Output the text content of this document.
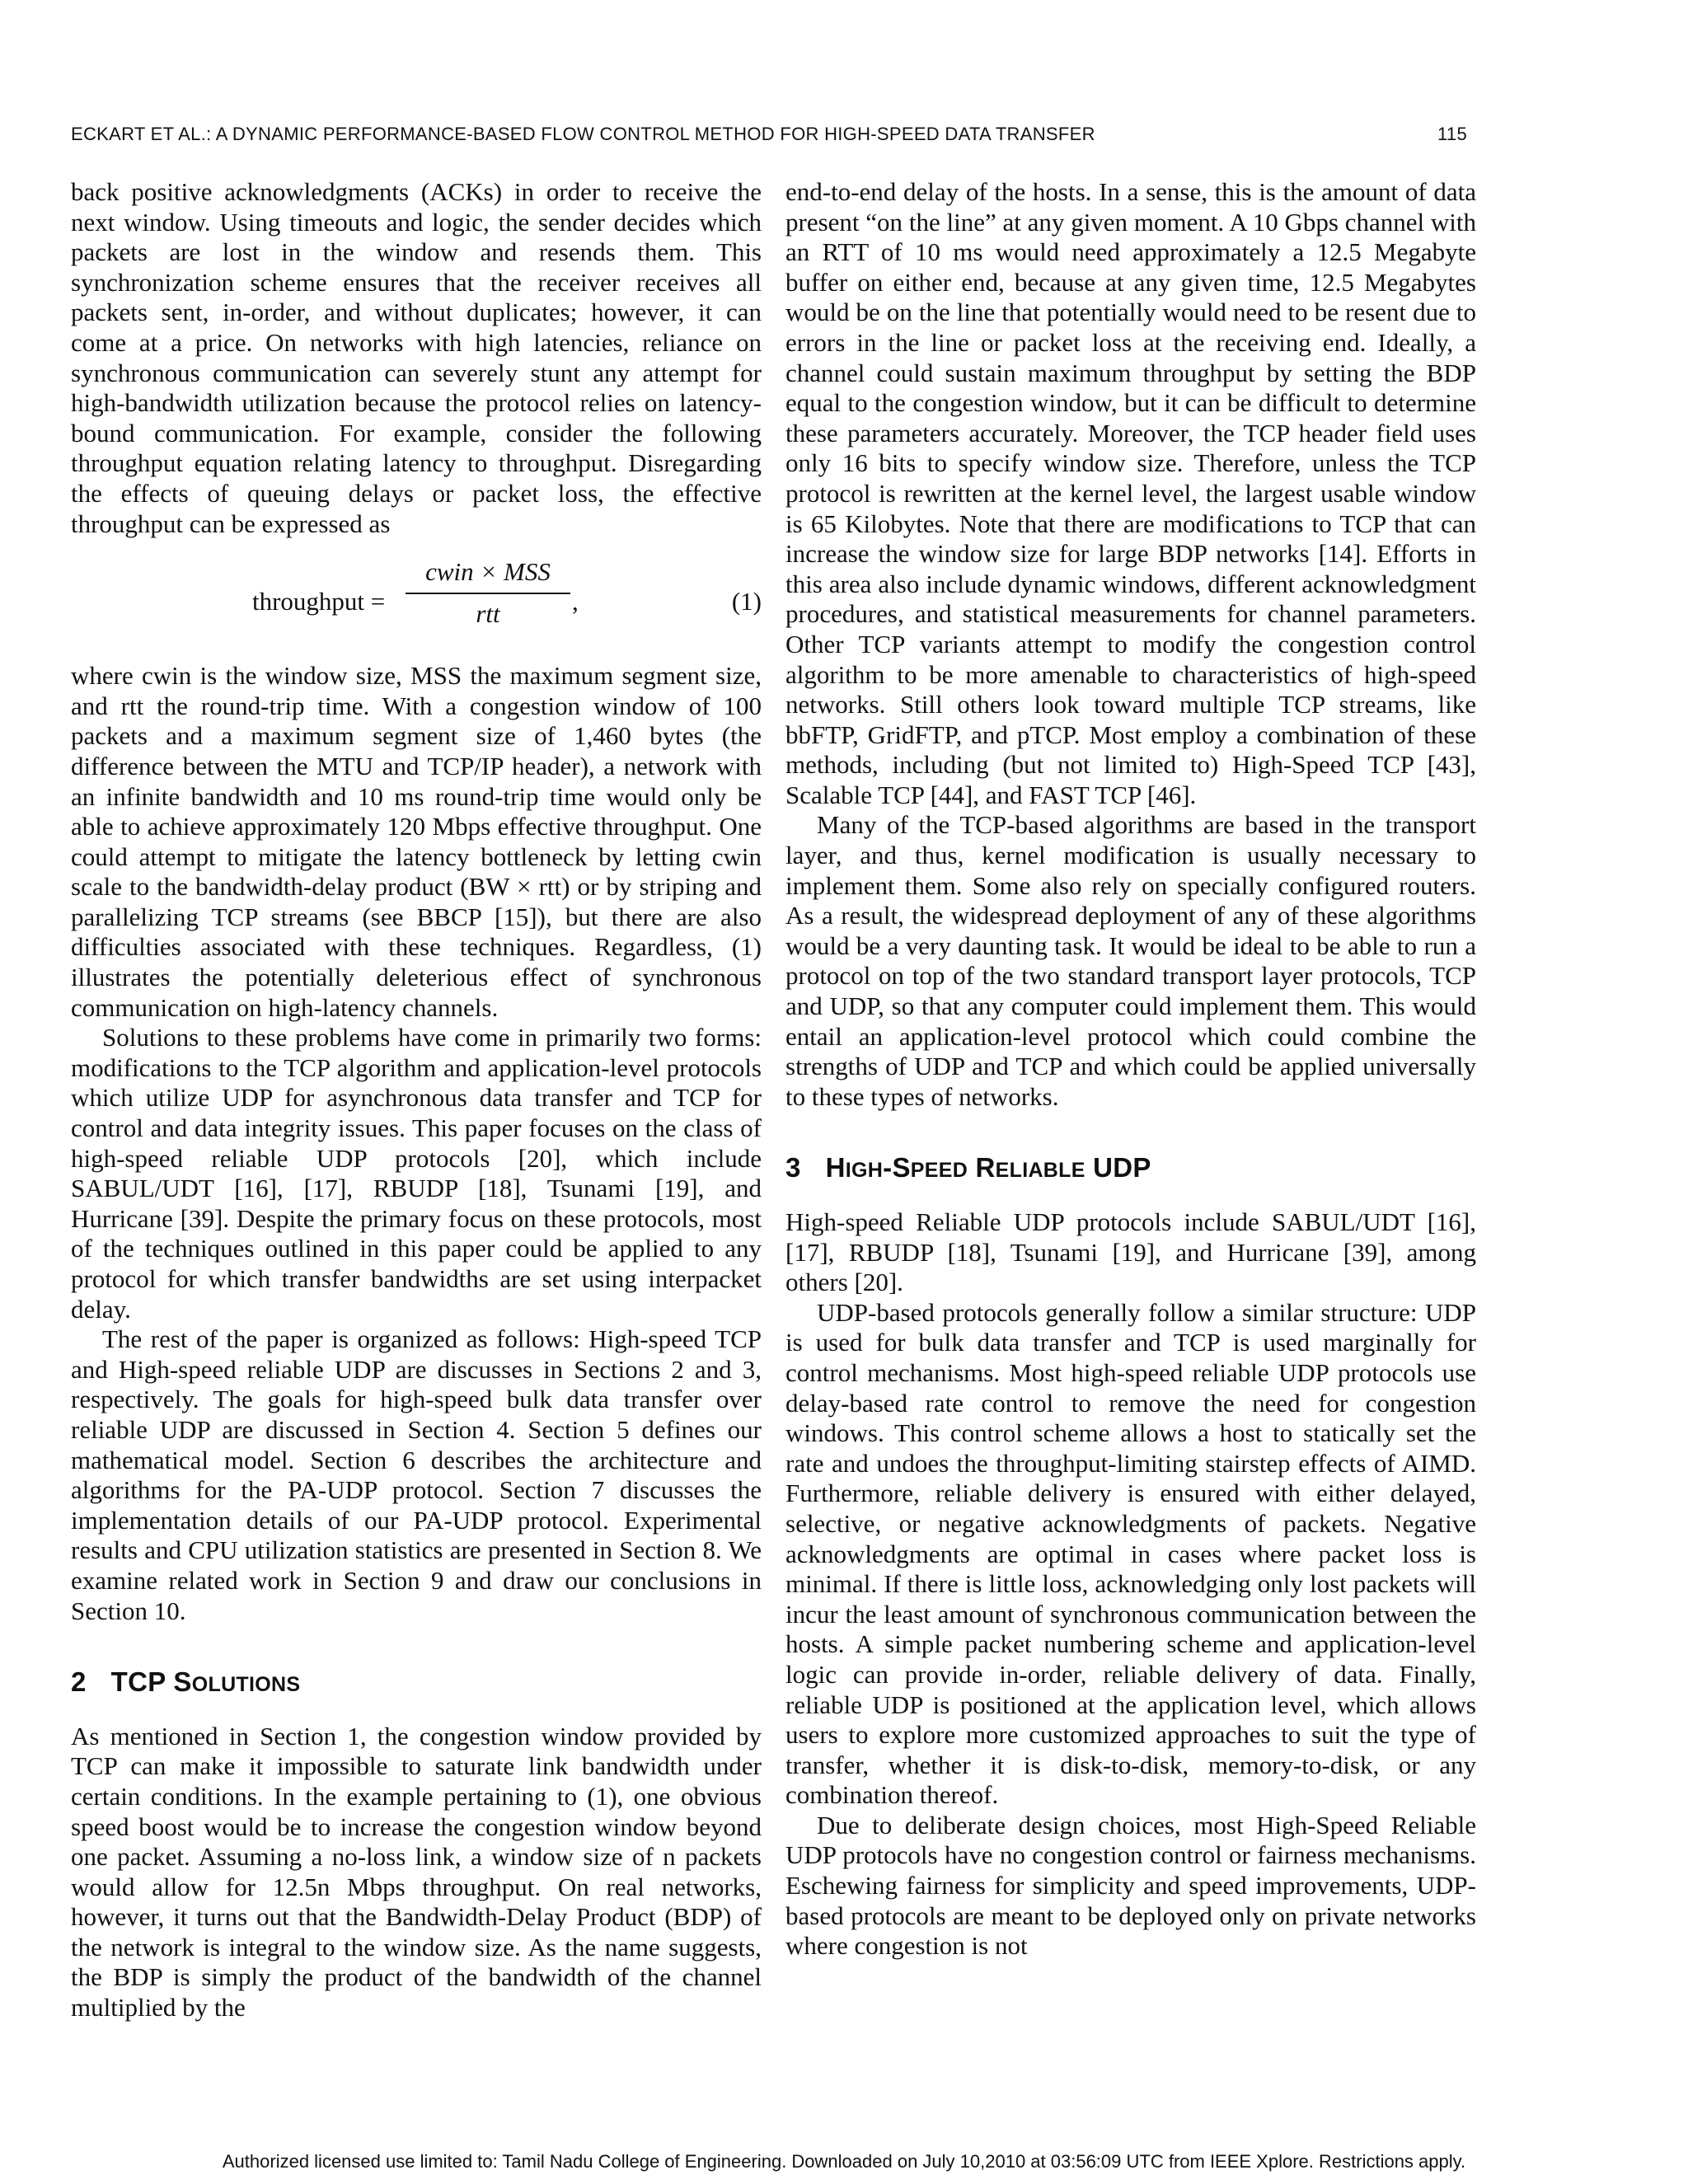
ECKART ET AL.: A DYNAMIC PERFORMANCE-BASED FLOW CONTROL METHOD FOR HIGH-SPEED DATA TRANSFER	115

back positive acknowledgments (ACKs) in order to receive the next window. Using timeouts and logic, the sender decides which packets are lost in the window and resends them. This synchronization scheme ensures that the receiver receives all packets sent, in-order, and without duplicates; however, it can come at a price. On networks with high latencies, reliance on synchronous communication can severely stunt any attempt for high-bandwidth utilization because the protocol relies on latency-bound communication. For example, consider the following throughput equation relating latency to throughput. Disregarding the effects of queuing delays or packet loss, the effective throughput can be expressed as

throughput =
cwin × MSS
rtt	,	(1)

where cwin is the window size, MSS the maximum segment size, and rtt the round-trip time. With a congestion window of 100 packets and a maximum segment size of 1,460 bytes (the difference between the MTU and TCP/IP header), a network with an infinite bandwidth and 10 ms round-trip time would only be able to achieve approximately 120 Mbps effective throughput. One could attempt to mitigate the latency bottleneck by letting cwin scale to the bandwidth-delay product (BW × rtt) or by striping and parallelizing TCP streams (see BBCP [15]), but there are also difficulties associated with these techniques. Regardless, (1) illustrates the potentially deleterious effect of synchronous communication on high-latency channels.

Solutions to these problems have come in primarily two forms: modifications to the TCP algorithm and application-level protocols which utilize UDP for asynchronous data transfer and TCP for control and data integrity issues. This paper focuses on the class of high-speed reliable UDP protocols [20], which include SABUL/UDT [16], [17], RBUDP [18], Tsunami [19], and Hurricane [39]. Despite the primary focus on these protocols, most of the techniques outlined in this paper could be applied to any protocol for which transfer bandwidths are set using interpacket delay.

The rest of the paper is organized as follows: High-speed TCP and High-speed reliable UDP are discusses in Sections 2 and 3, respectively. The goals for high-speed bulk data transfer over reliable UDP are discussed in Section 4. Section 5 defines our mathematical model. Section 6 describes the architecture and algorithms for the PA-UDP protocol. Section 7 discusses the implementation details of our PA-UDP protocol. Experimental results and CPU utilization statistics are presented in Section 8. We examine related work in Section 9 and draw our conclusions in Section 10.

2 TCP SOLUTIONS

As mentioned in Section 1, the congestion window provided by TCP can make it impossible to saturate link bandwidth under certain conditions. In the example pertaining to (1), one obvious speed boost would be to increase the congestion window beyond one packet. Assuming a no-loss link, a window size of n packets would allow for 12.5n Mbps throughput. On real networks, however, it turns out that the Bandwidth-Delay Product (BDP) of the network is integral to the window size. As the name suggests, the BDP is simply the product of the bandwidth of the channel multiplied by the

end-to-end delay of the hosts. In a sense, this is the amount of data present “on the line” at any given moment. A 10 Gbps channel with an RTT of 10 ms would need approximately a 12.5 Megabyte buffer on either end, because at any given time, 12.5 Megabytes would be on the line that potentially would need to be resent due to errors in the line or packet loss at the receiving end. Ideally, a channel could sustain maximum throughput by setting the BDP equal to the congestion window, but it can be difficult to determine these parameters accurately. Moreover, the TCP header field uses only 16 bits to specify window size. Therefore, unless the TCP protocol is rewritten at the kernel level, the largest usable window is 65 Kilobytes. Note that there are modifications to TCP that can increase the window size for large BDP networks [14]. Efforts in this area also include dynamic windows, different acknowledgment procedures, and statistical measurements for channel parameters. Other TCP variants attempt to modify the congestion control algorithm to be more amenable to characteristics of high-speed networks. Still others look toward multiple TCP streams, like bbFTP, GridFTP, and pTCP. Most employ a combination of these methods, including (but not limited to) High-Speed TCP [43], Scalable TCP [44], and FAST TCP [46].

Many of the TCP-based algorithms are based in the transport layer, and thus, kernel modification is usually necessary to implement them. Some also rely on specially configured routers. As a result, the widespread deployment of any of these algorithms would be a very daunting task. It would be ideal to be able to run a protocol on top of the two standard transport layer protocols, TCP and UDP, so that any computer could implement them. This would entail an application-level protocol which could combine the strengths of UDP and TCP and which could be applied universally to these types of networks.

3 HIGH-SPEED RELIABLE UDP

High-speed Reliable UDP protocols include SABUL/UDT [16], [17], RBUDP [18], Tsunami [19], and Hurricane [39], among others [20].

UDP-based protocols generally follow a similar structure: UDP is used for bulk data transfer and TCP is used marginally for control mechanisms. Most high-speed reliable UDP protocols use delay-based rate control to remove the need for congestion windows. This control scheme allows a host to statically set the rate and undoes the throughput-limiting stairstep effects of AIMD. Furthermore, reliable delivery is ensured with either delayed, selective, or negative acknowledgments of packets. Negative acknowledgments are optimal in cases where packet loss is minimal. If there is little loss, acknowledging only lost packets will incur the least amount of synchronous communication between the hosts. A simple packet numbering scheme and application-level logic can provide in-order, reliable delivery of data. Finally, reliable UDP is positioned at the application level, which allows users to explore more customized approaches to suit the type of transfer, whether it is disk-to-disk, memory-to-disk, or any combination thereof.

Due to deliberate design choices, most High-Speed Reliable UDP protocols have no congestion control or fairness mechanisms. Eschewing fairness for simplicity and speed improvements, UDP-based protocols are meant to be deployed only on private networks where congestion is not

Authorized licensed use limited to: Tamil Nadu College of Engineering. Downloaded on July 10,2010 at 03:56:09 UTC from IEEE Xplore. Restrictions apply.
